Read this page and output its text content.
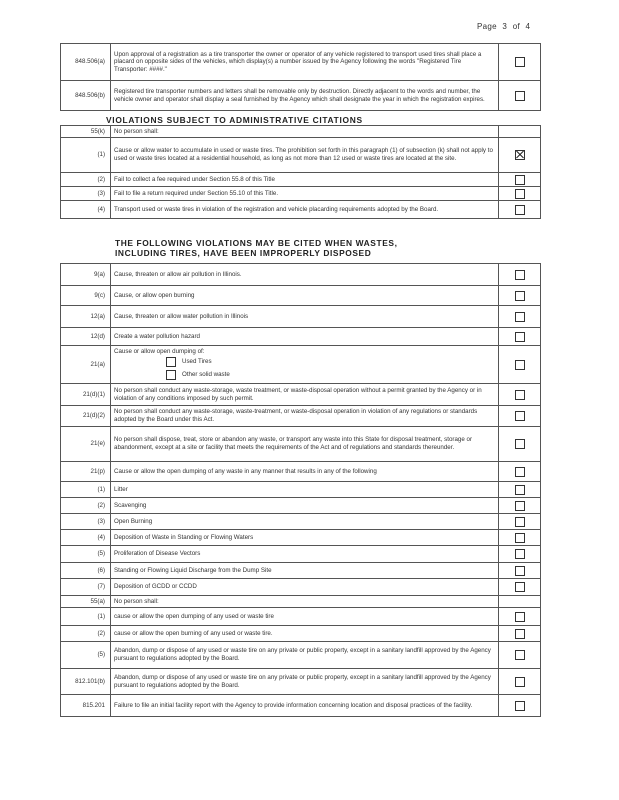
Page 3 of 4
848.506(a)	Upon approval of a registration as a tire transporter the owner or operator of any vehicle registered to transport used tires shall place a placard on opposite sides of the vehicles, which display(s) a number issued by the Agency following the words "Registered Tire Transporter: ####."	
848.506(b)	Registered tire transporter numbers and letters shall be removable only by destruction. Directly adjacent to the words and number, the vehicle owner and operator shall display a seal furnished by the Agency which shall designate the year in which the registration expires.	
VIOLATIONS SUBJECT TO ADMINISTRATIVE CITATIONS
55(k)	No person shall:	
(1)	Cause or allow water to accumulate in used or waste tires. The prohibition set forth in this paragraph (1) of subsection (k) shall not apply to used or waste tires located at a residential household, as long as not more than 12 used or waste tires are located at the site.	
(2)	Fail to collect a fee required under Section 55.8 of this Title	
(3)	Fail to file a return required under Section 55.10 of this Title.	
(4)	Transport used or waste tires in violation of the registration and vehicle placarding requirements adopted by the Board.	
THE FOLLOWING VIOLATIONS MAY BE CITED WHEN WASTES,
INCLUDING TIRES, HAVE BEEN IMPROPERLY DISPOSED
9(a)	Cause, threaten or allow air pollution in Illinois.	
9(c)	Cause, or allow open burning	
12(a)	Cause, threaten or allow water pollution in Illinois	
12(d)	Create a water pollution hazard	
21(a)	Cause or allow open dumping of:
Used Tires
Other solid waste	

21(d)(1)	No person shall conduct any waste-storage, waste treatment, or waste-disposal operation without a permit granted by the Agency or in violation of any conditions imposed by such permit.	
21(d)(2)	No person shall conduct any waste-storage, waste-treatment, or waste-disposal operation in violation of any regulations or standards adopted by the Board under this Act.	
21(e)	No person shall dispose, treat, store or abandon any waste, or transport any waste into this State for disposal treatment, storage or abandonment, except at a site or facility that meets the requirements of the Act and of regulations and standards thereunder.	
21(p)	Cause or allow the open dumping of any waste in any manner that results in any of the following	
(1)	Litter	
(2)	Scavenging	
(3)	Open Burning	
(4)	Deposition of Waste in Standing or Flowing Waters	
(5)	Proliferation of Disease Vectors	
(6)	Standing or Flowing Liquid Discharge from the Dump Site	
(7)	Deposition of GCDD or CCDD	
55(a)	No person shall:	
(1)	cause or allow the open dumping of any used or waste tire	
(2)	cause or allow the open burning of any used or waste tire.	
(5)	Abandon, dump or dispose of any used or waste tire on any private or public property, except in a sanitary landfill approved by the Agency pursuant to regulations adopted by the Board.	
812.101(b)	Abandon, dump or dispose of any used or waste tire on any private or public property, except in a sanitary landfill approved by the Agency pursuant to regulations adopted by the Board.	
815.201	Failure to file an initial facility report with the Agency to provide information concerning location and disposal practices of the facility.	
